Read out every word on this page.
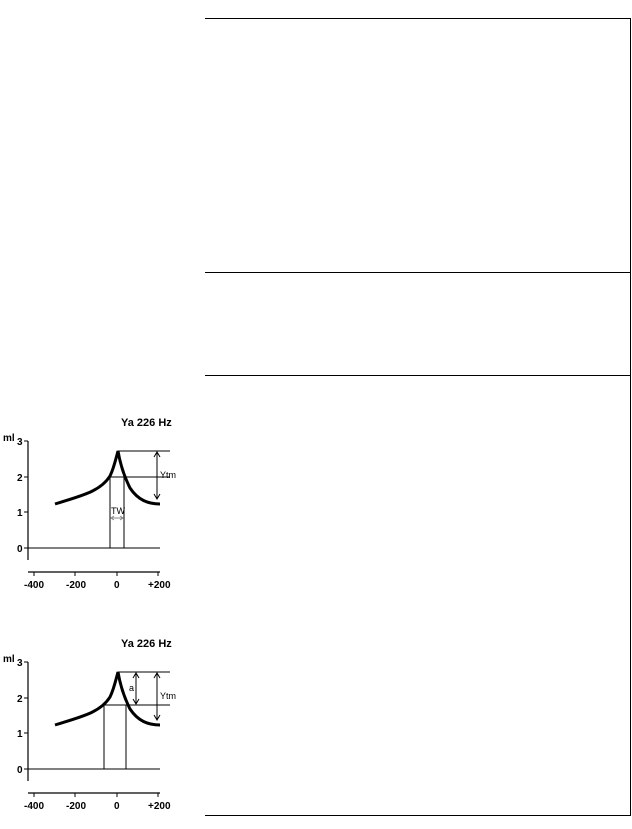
Ya 226 Hz
ml 3
2
1
0
-400 -200	0	+200
Ytm
TW
Ya 226 Hz
ml 3
2
1
0
-400 -200	0	+200
a
Ytm
